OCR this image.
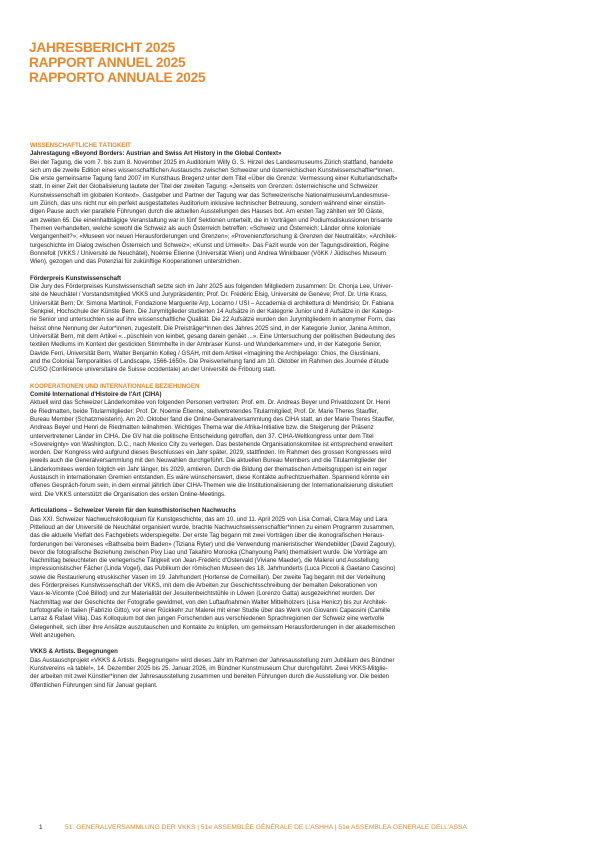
JAHRESBERICHT 2025

RAPPORT ANNUEL 2025

RAPPORTO ANNUALE 2025

WISSENSCHAFTLICHE TÄTIGKEIT

Jahrestagung «Beyond Borders: Austrian and Swiss Art History in the Global Context»

Bei der Tagung, die vom 7. bis zum 8. November 2025 im Auditorium Willy G. S. Hirzel des Landesmuseums Zürich stattfand, handelte

sich um die zweite Edition eines wissenschaftlichen Austauschs zwischen Schweizer und österreichischen Kunstwissenschaftler*innen.

Die erste gemeinsame Tagung fand 2007 im Kunsthaus Bregenz unter dem Titel «Über die Grenze: Vermessung einer Kulturlandschaft»

statt. In einer Zeit der Globalisierung lautete der Titel der zweiten Tagung: «Jenseits von Grenzen: österreichische und Schweizer

Kunstwissenschaft im globalen Kontext». Gastgeber und Partner der Tagung war das Schweizerische Nationalmuseum/Landesmuse-

um Zürich, das uns nicht nur ein perfekt ausgestattetes Auditorium inklusive technischer Betreuung, sondern während einer einstün-

digen Pause auch vier parallele Führungen durch die aktuellen Ausstellungen des Hauses bot. Am ersten Tag zählten wir 90 Gäste,

am zweiten 65. Die eineinhalbtägige Veranstaltung war in fünf Sektionen unterteilt, die in Vorträgen und Podiumsdiskussionen brisante

Themen verhandelten, welche sowohl die Schweiz als auch Österreich betreffen: «Schweiz und Österreich: Länder ohne koloniale

Vergangenheit?»; «Museen vor neuen Herausforderungen und Grenzen»; «Provenienzforschung & Grenzen der Neutralität»; «Architek-

turgeschichte im Dialog zwischen Österreich und Schweiz»; «Kunst und Umwelt». Das Fazit wurde von der Tagungsdirektion, Régine

Bonnefoit (VKKS / Université de Neuchâtel), Noémie Étienne (Universität Wien) und Andrea Winklbauer (VöKK / Jüdisches Museum

Wien), gezogen und das Potenzial für zukünftige Kooperationen unterstrichen.

Förderpreis Kunstwissenschaft

Die Jury des Förderpreises Kunstwissenschaft setzte sich im Jahr 2025 aus folgenden Mitgliedern zusammen: Dr. Chonja Lee, Univer-

sité de Neuchâtel / Vorstandsmitglied VKKS und Jurypräsidentin; Prof. Dr. Frédéric Elsig, Université de Genève; Prof. Dr. Urte Krass,

Universität Bern; Dr. Simona Martinoli, Fondazione Marguerite Arp, Locarno / USI – Accademia di architettura di Mendrisio; Dr. Fabiana

Senkpiel, Hochschule der Künste Bern. Die Jurymitglieder studierten 14 Aufsätze in der Kategorie Junior und 8 Aufsätze in der Katego-

rie Senior und untersuchten sie auf ihre wissenschaftliche Qualität. Die 22 Aufsätze wurden den Jurymitgliedern in anonymer Form, das

heisst ohne Nennung der Autor*innen, zugestellt. Die Preisträger*innen des Jahres 2025 sind, in der Kategorie Junior, Janina Ammon,

Universität Bern, mit dem Artikel «...püschlein von leinbet, gesang darein genäet ...». Eine Untersuchung der politischen Bedeutung des

textilen Mediums im Kontext der gestickten Stimmhefte in der Ambraser Kunst- und Wunderkammer» und, in der Kategorie Senior,

Davide Ferri, Universität Bern, Walter Benjamin Kolleg / GSAH, mit dem Artikel «Imagining the Archipelago: Chios, the Giustiniani,

and the Colonial Temporalities of Landscape, 1566-1650». Die Preisverleihung fand am 10. Oktober im Rahmen des Journée d'étude

CUSO (Conférence universitaire de Suisse occidentale) an der Université de Fribourg statt.

KOOPERATIONEN UND INTERNATIONALE BEZIEHUNGEN

Comité International d'Histoire de l'Art (CIHA)

Aktuell wird das Schweizer Länderkomitee von folgenden Personen vertreten: Prof. em. Dr. Andreas Beyer und Privatdozent Dr. Henri

de Riedmatten, beide Titularmitglieder; Prof. Dr. Noémie Étienne, stellvertretendes Titularmitglied; Prof. Dr. Marie Theres Stauffer,

Bureau Member (Schatzmeisterin). Am 20. Oktober fand die Online-Generalversammlung des CIHA statt, an der Marie Theres Stauffer,

Andreas Beyer und Henri de Riedmatten teilnahmen. Wichtiges Thema war die Afrika-Initiative bzw. die Steigerung der Präsenz

untervertretener Länder im CIHA. Die GV hat die politische Entscheidung getroffen, den 37. CIHA-Weltkongress unter dem Titel

«Sovereignty» von Washington, D.C., nach Mexico City zu verlegen. Das bestehende Organisationskomitee ist entsprechend erweitert

worden. Der Kongress wird aufgrund dieses Beschlusses ein Jahr später, 2029, stattfinden. Im Rahmen des grossen Kongresses wird

jeweils auch die Generalversammlung mit den Neuwahlen durchgeführt. Die aktuellen Bureau Members und die Titularmitglieder der

Länderkomitees werden folglich ein Jahr länger, bis 2029, amtieren. Durch die Bildung der thematischen Arbeitsgruppen ist ein reger

Austausch in internationalen Gremien entstanden. Es wäre wünschenswert, diese Kontakte aufrechtzuerhalten. Spannend könnte ein

offenes Gespräch-forum sein, in dem einmal jährlich über CIHA-Themen wie die Institutionalisierung der Internationalisierung diskutiert

wird. Die VKKS unterstützt die Organisation des ersten Online-Meetings.

Articulations – Schweizer Verein für den kunsthistorischen Nachwuchs

Das XXI. Schweizer Nachwuchskolloquium für Kunstgeschichte, das am 10. und 11. April 2025 von Lisa Cornali, Clara May und Lara

Pittelioud an der Université de Neuchâtel organisiert wurde, brachte Nachwuchswissenschaftler*innen zu einem Programm zusammen,

das die aktuelle Vielfalt des Fachgebiets widerspiegelte. Der erste Tag begann mit zwei Vorträgen über die ikonografischen Heraus-

forderungen bei Veroneses «Bathseba beim Baden» (Tiziana Ryter) und die Verwendung manieristischer Wendebilder (David Zagoury),

bevor die fotografische Beziehung zwischen Pixy Liao und Takahiro Morooka (Chanyoung Park) thematisiert wurde. Die Vorträge am

Nachmittag beleuchteten die verlegerische Tätigkeit von Jean-Frédéric d'Ostervald (Viviane Maeder), die Malerei und Ausstellung

impressionistischer Fächer (Linda Vogel), das Publikum der römischen Museen des 18. Jahrhunderts (Luca Piccoli & Gaetano Cascino)

sowie die Restaurierung etruskischer Vasen im 19. Jahrhundert (Hortense de Corneillan). Der zweite Tag begann mit der Verleihung

des Förderpreises Kunstwissenschaft der VKKS, mit dem die Arbeiten zur Geschichtsschreibung der bemalten Dekorationen von

Vaux-le-Vicomte (Coé Billod) und zur Materialität der Jesuitenbeichtstühle in Löwen (Lorenzo Gatta) ausgezeichnet wurden. Der

Nachmittag war der Geschichte der Fotografie gewidmet, von den Luftaufnahmen Walter Mittelholzers (Lisa Henicz) bis zur Architek-

turfotografie in Italien (Fabrizio Gitto), vor einer Rückkehr zur Malerei mit einer Studie über das Werk von Giovanni Capassini (Camille

Larraz & Rafael Villa). Das Kolloquium bot den jungen Forschenden aus verschiedenen Sprachregionen der Schweiz eine wertvolle

Gelegenheit, sich über ihre Ansätze auszutauschen und Kontakte zu knüpfen, um gemeinsam Herausforderungen in der akademischen

Welt anzugehen.

VKKS & Artists. Begegnungen

Das Austauschprojekt «VKKS & Artists. Begegnungen» wird dieses Jahr im Rahmen der Jahresausstellung zum Jubiläum des Bündner

Kunstvereins «à table!», 14. Dezember 2025 bis 25. Januar 2026, im Bündner Kunstmuseum Chur durchgeführt. Zwei VKKS-Mitglie-

der arbeiten mit zwei Künstler*innen der Jahresausstellung zusammen und bereiten Führungen durch die Ausstellung vor. Die beiden

öffentlichen Führungen sind für Januar geplant.

1	51. GENERALVERSAMMLUNG DER VKKS | 51e ASSEMBLÉE GÉNÉRALE DE L'ASHHA | 51e ASSEMBLEA GENERALE DELL'ASSA
